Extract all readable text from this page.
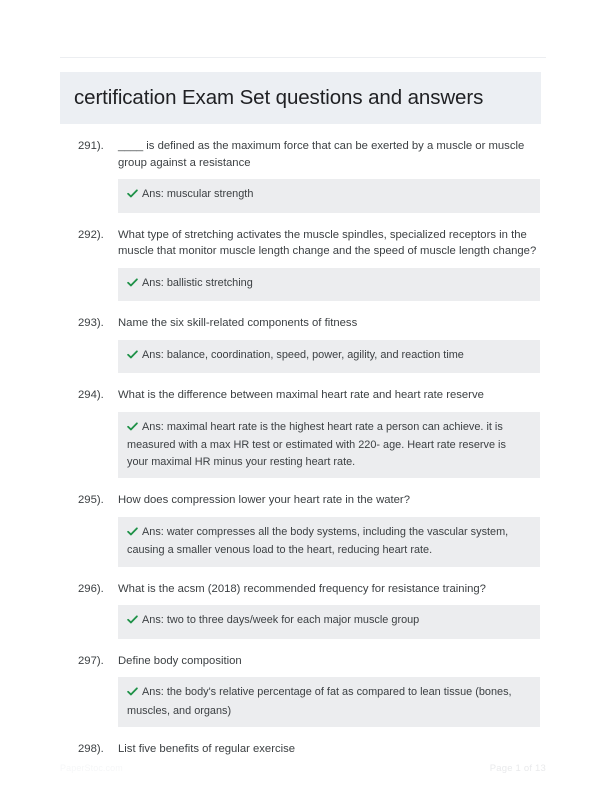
certification Exam Set questions and answers
291).	____ is defined as the maximum force that can be exerted by a muscle or muscle group against a resistance
Ans: muscular strength
292).	What type of stretching activates the muscle spindles, specialized receptors in the muscle that monitor muscle length change and the speed of muscle length change?
Ans: ballistic stretching
293).	Name the six skill-related components of fitness
Ans: balance, coordination, speed, power, agility, and reaction time
294).	What is the difference between maximal heart rate and heart rate reserve
Ans: maximal heart rate is the highest heart rate a person can achieve. it is measured with a max HR test or estimated with 220- age. Heart rate reserve is your maximal HR minus your resting heart rate.
295).	How does compression lower your heart rate in the water?
Ans: water compresses all the body systems, including the vascular system, causing a smaller venous load to the heart, reducing heart rate.
296).	What is the acsm (2018) recommended frequency for resistance training?
Ans: two to three days/week for each major muscle group
297).	Define body composition
Ans: the body's relative percentage of fat as compared to lean tissue (bones, muscles, and organs)
298).	List five benefits of regular exercise
PaperStoc.com	Page 1 of 13
